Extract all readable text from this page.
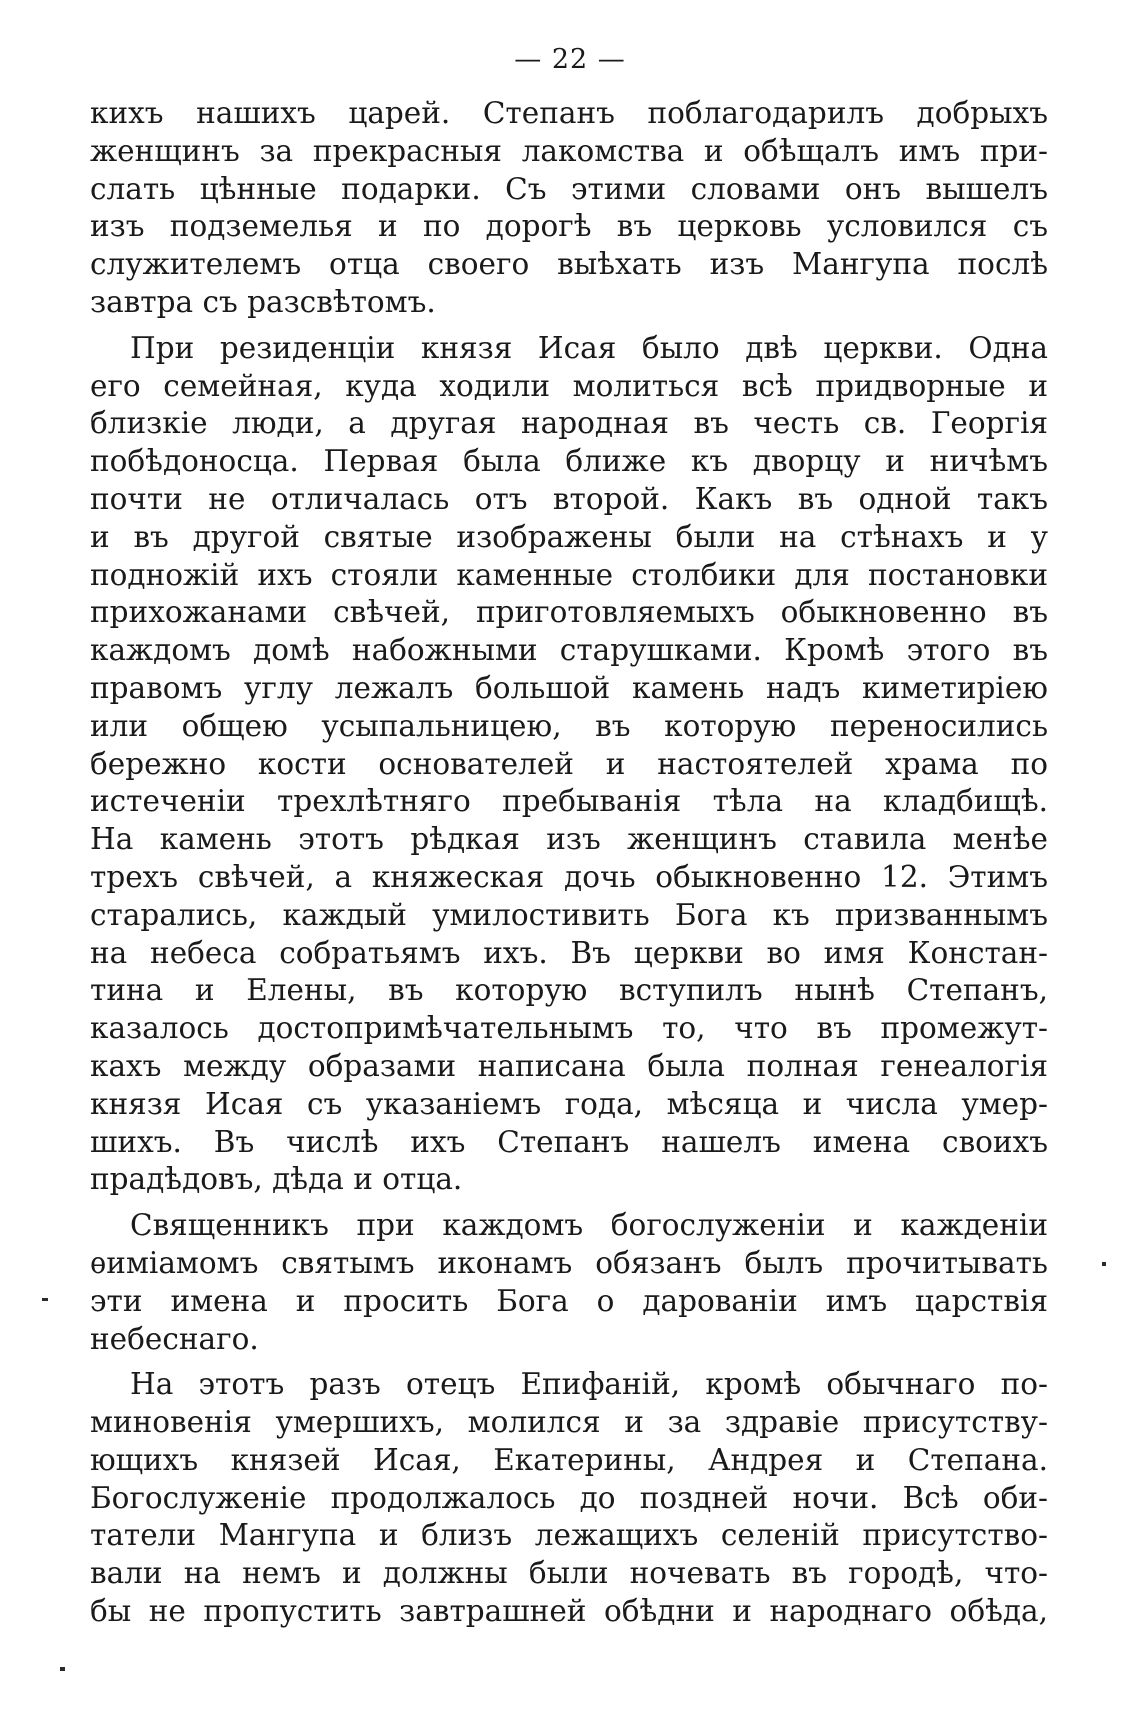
— 22 —
кихъ нашихъ царей. Степанъ поблагодарилъ добрыхъ
женщинъ за прекрасныя лакомства и обѣщалъ имъ при-
слать цѣнные подарки. Съ этими словами онъ вышелъ
изъ подземелья и по дорогѣ въ церковь условился съ
служителемъ отца своего выѣхать изъ Мангупа послѣ
завтра съ разсвѣтомъ.
При резиденціи князя Исая было двѣ церкви. Одна
его семейная, куда ходили молиться всѣ придворные и
близкіе люди, а другая народная въ честь св. Георгія
побѣдоносца. Первая была ближе къ дворцу и ничѣмъ
почти не отличалась отъ второй. Какъ въ одной такъ
и въ другой святые изображены были на стѣнахъ и у
подножій ихъ стояли каменные столбики для постановки
прихожанами свѣчей, приготовляемыхъ обыкновенно въ
каждомъ домѣ набожными старушками. Кромѣ этого въ
правомъ углу лежалъ большой камень надъ киметиріею
или общею усыпальницею, въ которую переносились
бережно кости основателей и настоятелей храма по
истеченіи трехлѣтняго пребыванія тѣла на кладбищѣ.
На камень этотъ рѣдкая изъ женщинъ ставила менѣе
трехъ свѣчей, а княжеская дочь обыкновенно 12. Этимъ
старались, каждый умилостивить Бога къ призваннымъ
на небеса собратьямъ ихъ. Въ церкви во имя Констан-
тина и Елены, въ которую вступилъ нынѣ Степанъ,
казалось достопримѣчательнымъ то, что въ промежут-
кахъ между образами написана была полная генеалогія
князя Исая съ указаніемъ года, мѣсяца и числа умер-
шихъ. Въ числѣ ихъ Степанъ нашелъ имена своихъ
прадѣдовъ, дѣда и отца.
Священникъ при каждомъ богослуженіи и кажденіи
ѳиміамомъ святымъ иконамъ обязанъ былъ прочитывать
эти имена и просить Бога о дарованіи имъ царствія
небеснаго.
На этотъ разъ отецъ Епифаній, кромѣ обычнаго по-
миновенія умершихъ, молился и за здравіе присутству-
ющихъ князей Исая, Екатерины, Андрея и Степана.
Богослуженіе продолжалось до поздней ночи. Всѣ оби-
татели Мангупа и близъ лежащихъ селеній присутство-
вали на немъ и должны были ночевать въ городѣ, что-
бы не пропустить завтрашней обѣдни и народнаго обѣда,
